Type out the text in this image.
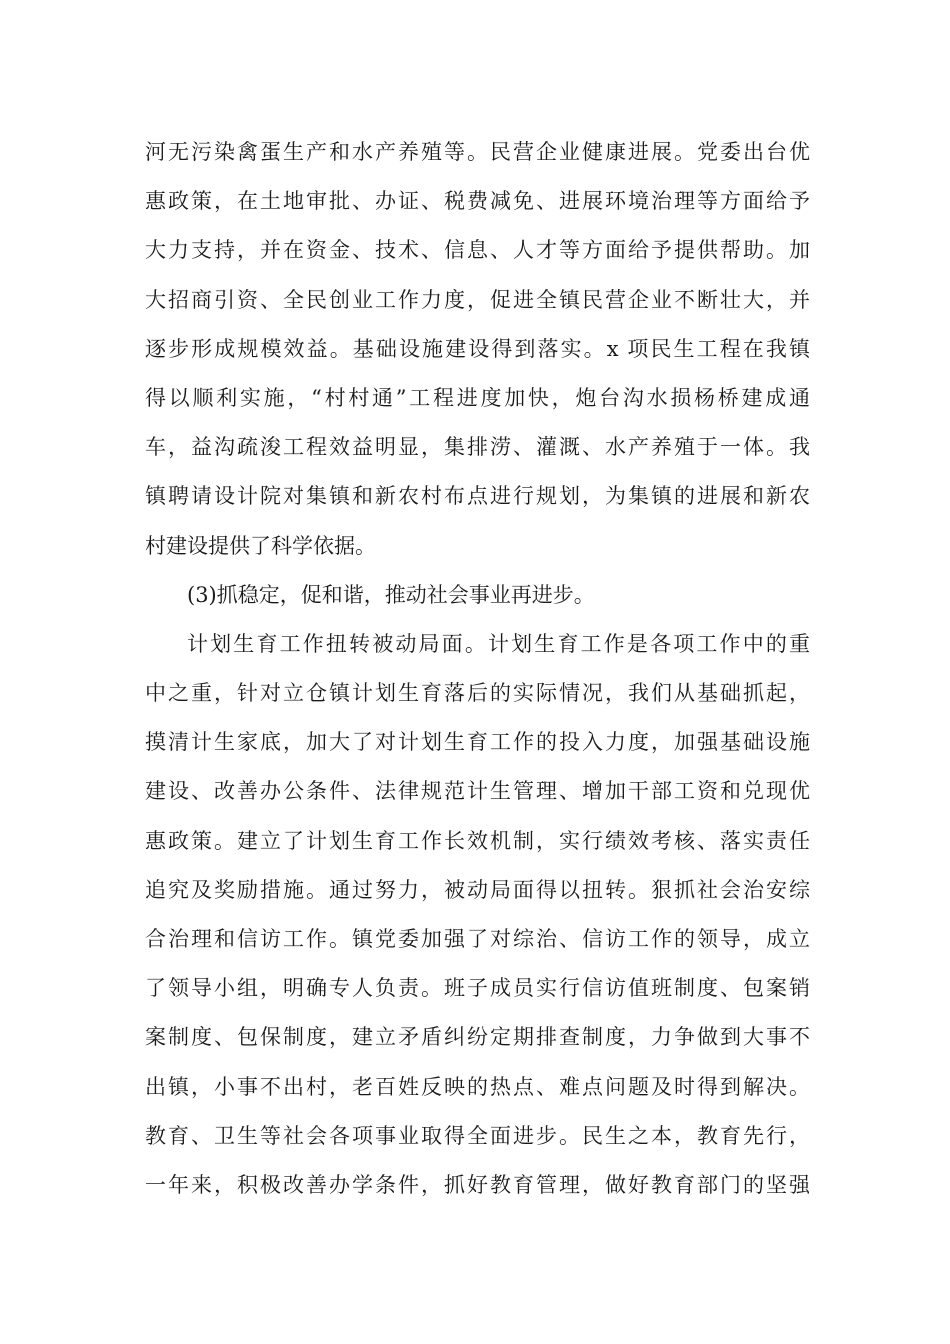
河无污染禽蛋生产和水产养殖等。民营企业健康进展。党委出台优
惠政策，在土地审批、办证、税费减免、进展环境治理等方面给予
大力支持，并在资金、技术、信息、人才等方面给予提供帮助。加
大招商引资、全民创业工作力度，促进全镇民营企业不断壮大，并
逐步形成规模效益。基础设施建设得到落实。x 项民生工程在我镇
得以顺利实施，“村村通”工程进度加快，炮台沟水损杨桥建成通
车，益沟疏浚工程效益明显，集排涝、灌溉、水产养殖于一体。我
镇聘请设计院对集镇和新农村布点进行规划，为集镇的进展和新农
村建设提供了科学依据。
(3)抓稳定，促和谐，推动社会事业再进步。
计划生育工作扭转被动局面。计划生育工作是各项工作中的重
中之重，针对立仓镇计划生育落后的实际情况，我们从基础抓起，
摸清计生家底，加大了对计划生育工作的投入力度，加强基础设施
建设、改善办公条件、法律规范计生管理、增加干部工资和兑现优
惠政策。建立了计划生育工作长效机制，实行绩效考核、落实责任
追究及奖励措施。通过努力，被动局面得以扭转。狠抓社会治安综
合治理和信访工作。镇党委加强了对综治、信访工作的领导，成立
了领导小组，明确专人负责。班子成员实行信访值班制度、包案销
案制度、包保制度，建立矛盾纠纷定期排查制度，力争做到大事不
出镇，小事不出村，老百姓反映的热点、难点问题及时得到解决。
教育、卫生等社会各项事业取得全面进步。民生之本，教育先行，
一年来，积极改善办学条件，抓好教育管理，做好教育部门的坚强
